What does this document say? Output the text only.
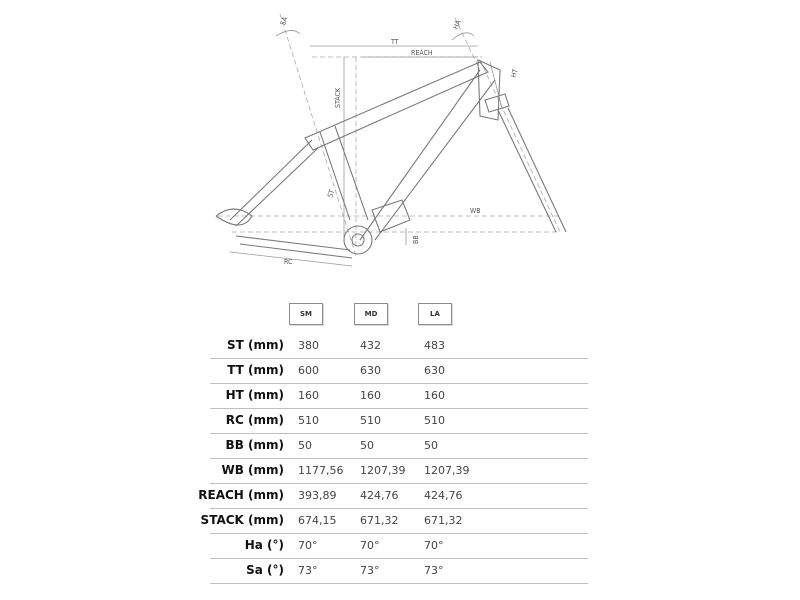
SA	HA
TT
REACH
HT
STACK
ST
WB
BB
RC
SM	MD	LA
ST (mm) 380	432	483
TT (mm) 600	630	630
HT (mm) 160	160	160
RC (mm) 510	510	510
BB (mm) 50	50	50
WB (mm) 1177,56 1207,39 1207,39
REACH (mm) 393,89 424,76 424,76
STACK (mm) 674,15 671,32 671,32
Ha (°) 70°	70°	70°
Sa (°) 73°	73°	73°
